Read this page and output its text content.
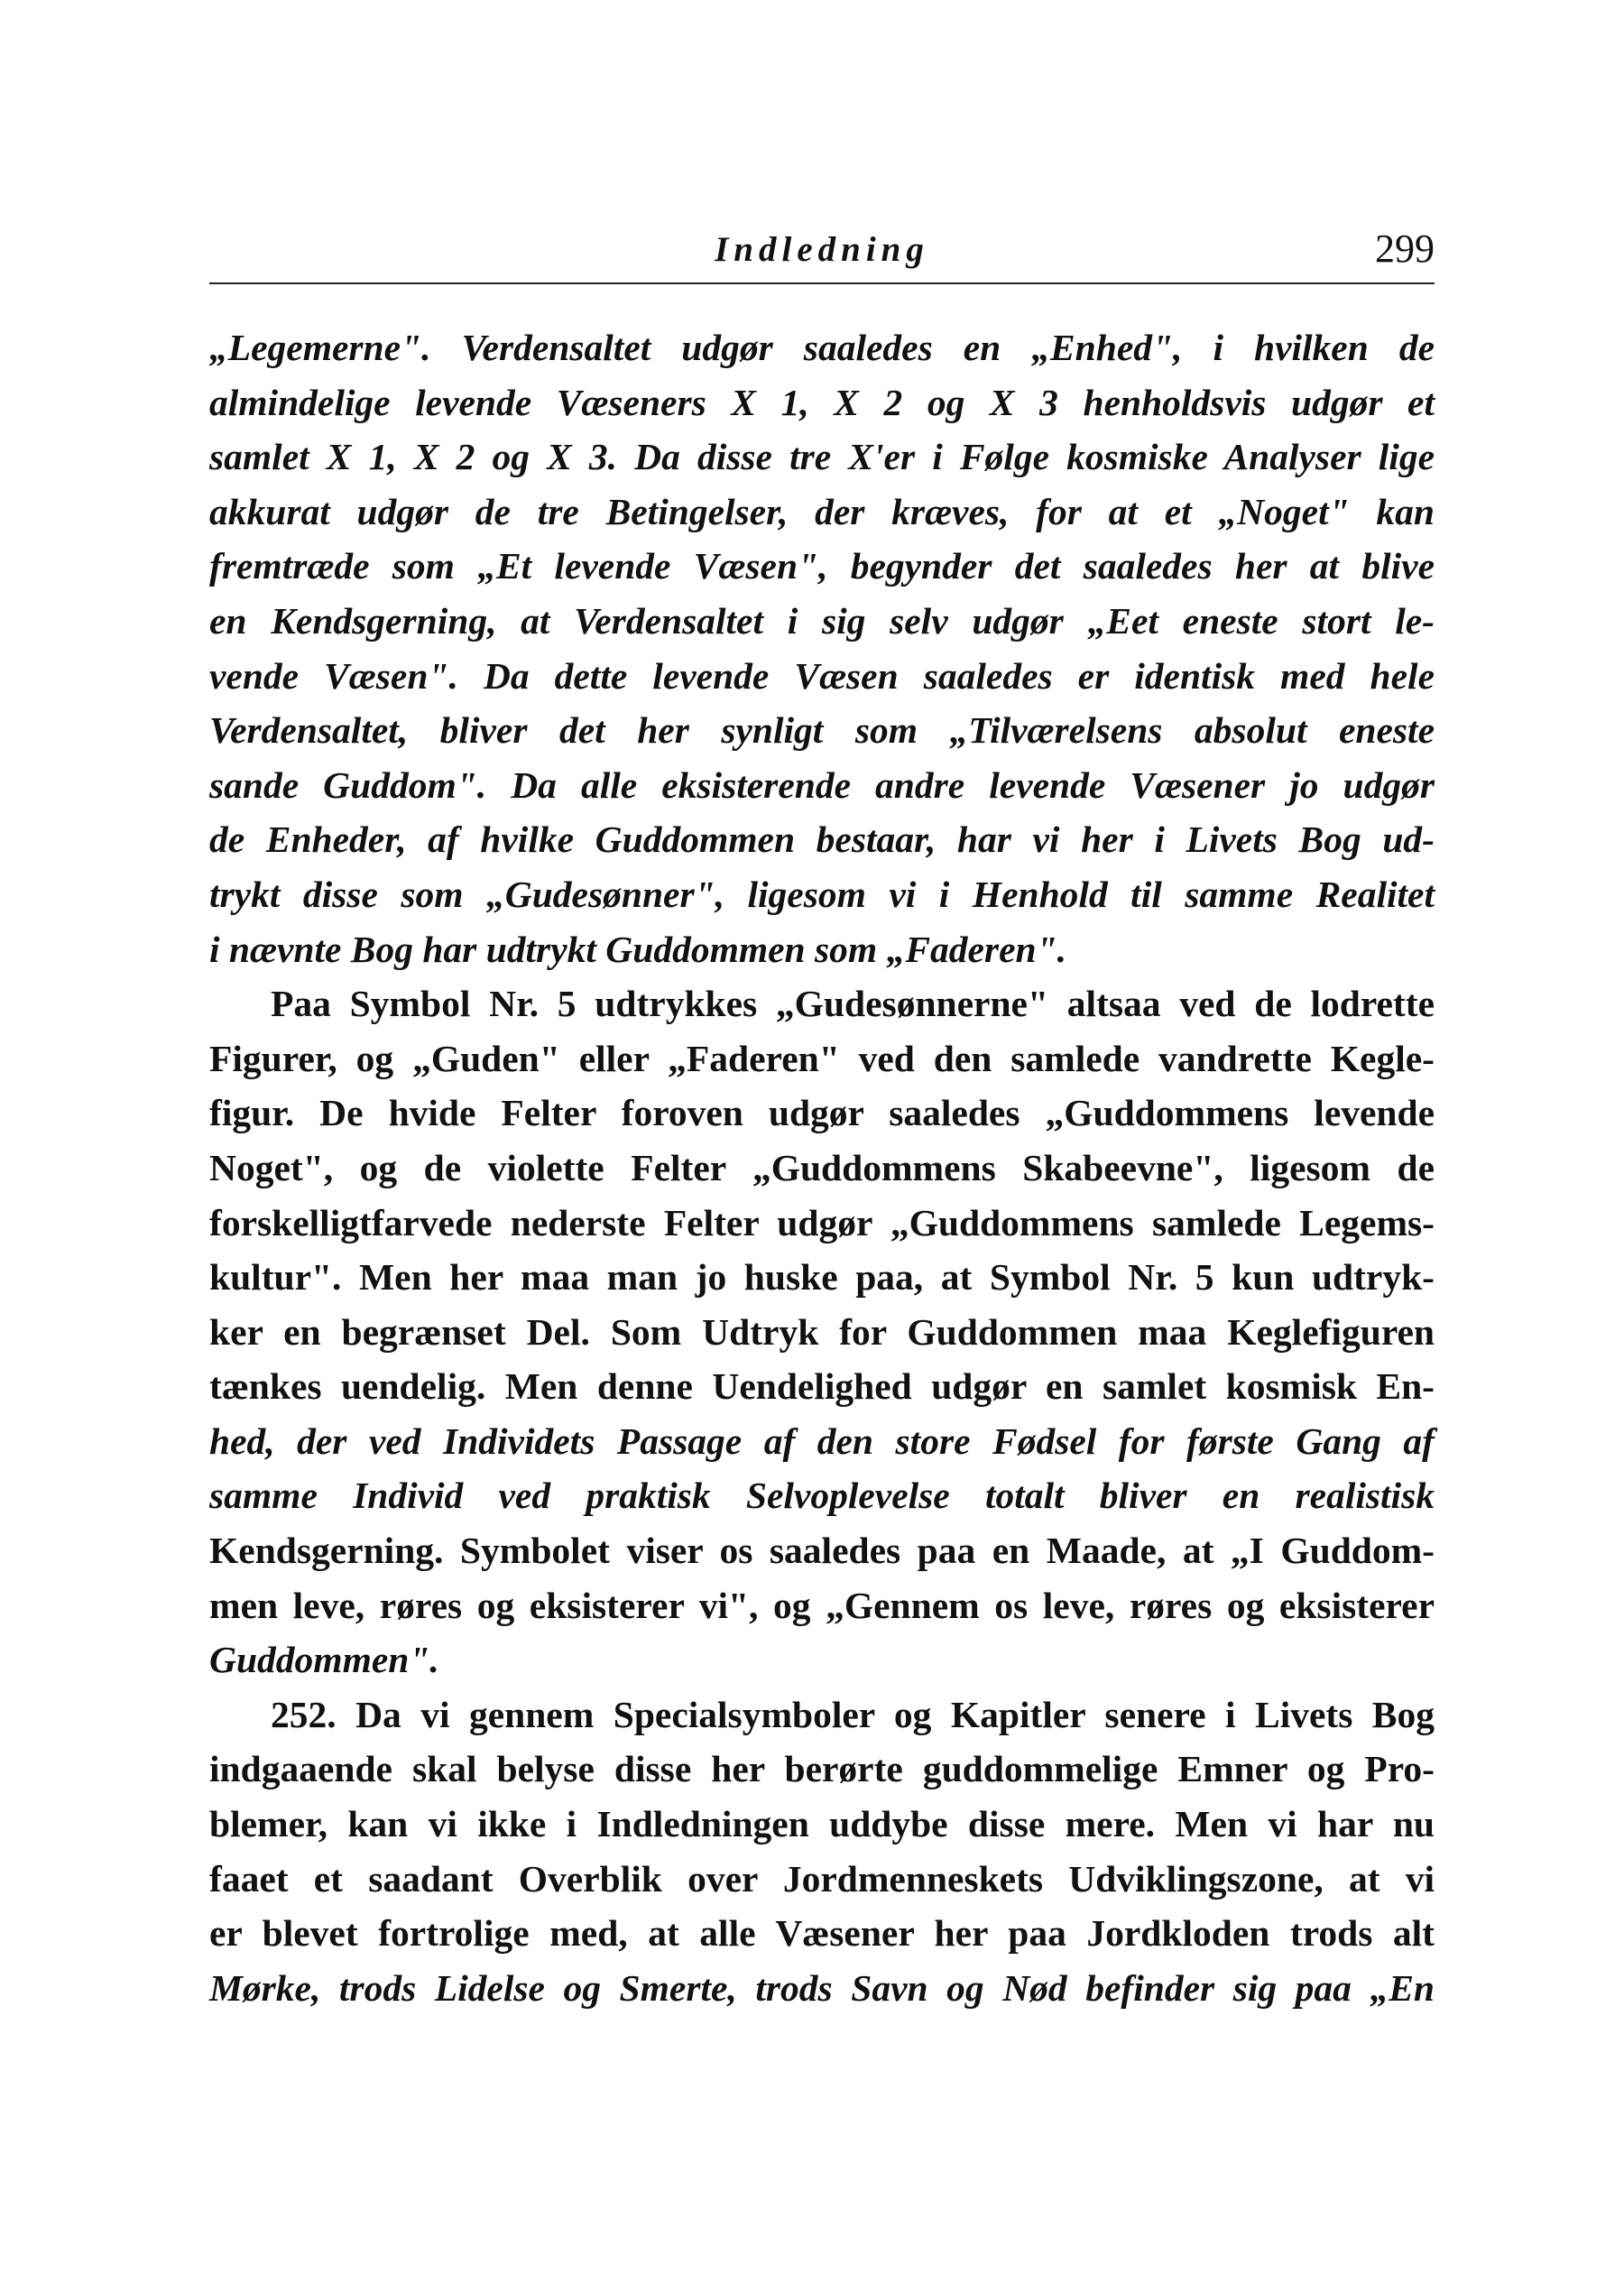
Indledning	299
„Legemerne". Verdensaltet udgør saaledes en „Enhed", i hvilken de
almindelige levende Væseners X 1, X 2 og X 3 henholdsvis udgør et
samlet X 1, X 2 og X 3. Da disse tre X'er i Følge kosmiske Analyser lige
akkurat udgør de tre Betingelser, der kræves, for at et „Noget" kan
fremtræde som „Et levende Væsen", begynder det saaledes her at blive
en Kendsgerning, at Verdensaltet i sig selv udgør „Eet eneste stort le-
vende Væsen". Da dette levende Væsen saaledes er identisk med hele
Verdensaltet, bliver det her synligt som „Tilværelsens absolut eneste
sande Guddom". Da alle eksisterende andre levende Væsener jo udgør
de Enheder, af hvilke Guddommen bestaar, har vi her i Livets Bog ud-
trykt disse som „Gudesønner", ligesom vi i Henhold til samme Realitet
i nævnte Bog har udtrykt Guddommen som „Faderen".
Paa Symbol Nr. 5 udtrykkes „Gudesønnerne" altsaa ved de lodrette
Figurer, og „Guden" eller „Faderen" ved den samlede vandrette Kegle-
figur. De hvide Felter foroven udgør saaledes „Guddommens levende
Noget", og de violette Felter „Guddommens Skabeevne", ligesom de
forskelligtfarvede nederste Felter udgør „Guddommens samlede Legems-
kultur". Men her maa man jo huske paa, at Symbol Nr. 5 kun udtryk-
ker en begrænset Del. Som Udtryk for Guddommen maa Keglefiguren
tænkes uendelig. Men denne Uendelighed udgør en samlet kosmisk En-
hed, der ved Individets Passage af den store Fødsel for første Gang af
samme Individ ved praktisk Selvoplevelse totalt bliver en realistisk
Kendsgerning. Symbolet viser os saaledes paa en Maade, at „I Guddom-
men leve, røres og eksisterer vi", og „Gennem os leve, røres og eksisterer
Guddommen".
252. Da vi gennem Specialsymboler og Kapitler senere i Livets Bog
indgaaende skal belyse disse her berørte guddommelige Emner og Pro-
blemer, kan vi ikke i Indledningen uddybe disse mere. Men vi har nu
faaet et saadant Overblik over Jordmenneskets Udviklingszone, at vi
er blevet fortrolige med, at alle Væsener her paa Jordkloden trods alt
Mørke, trods Lidelse og Smerte, trods Savn og Nød befinder sig paa „En
